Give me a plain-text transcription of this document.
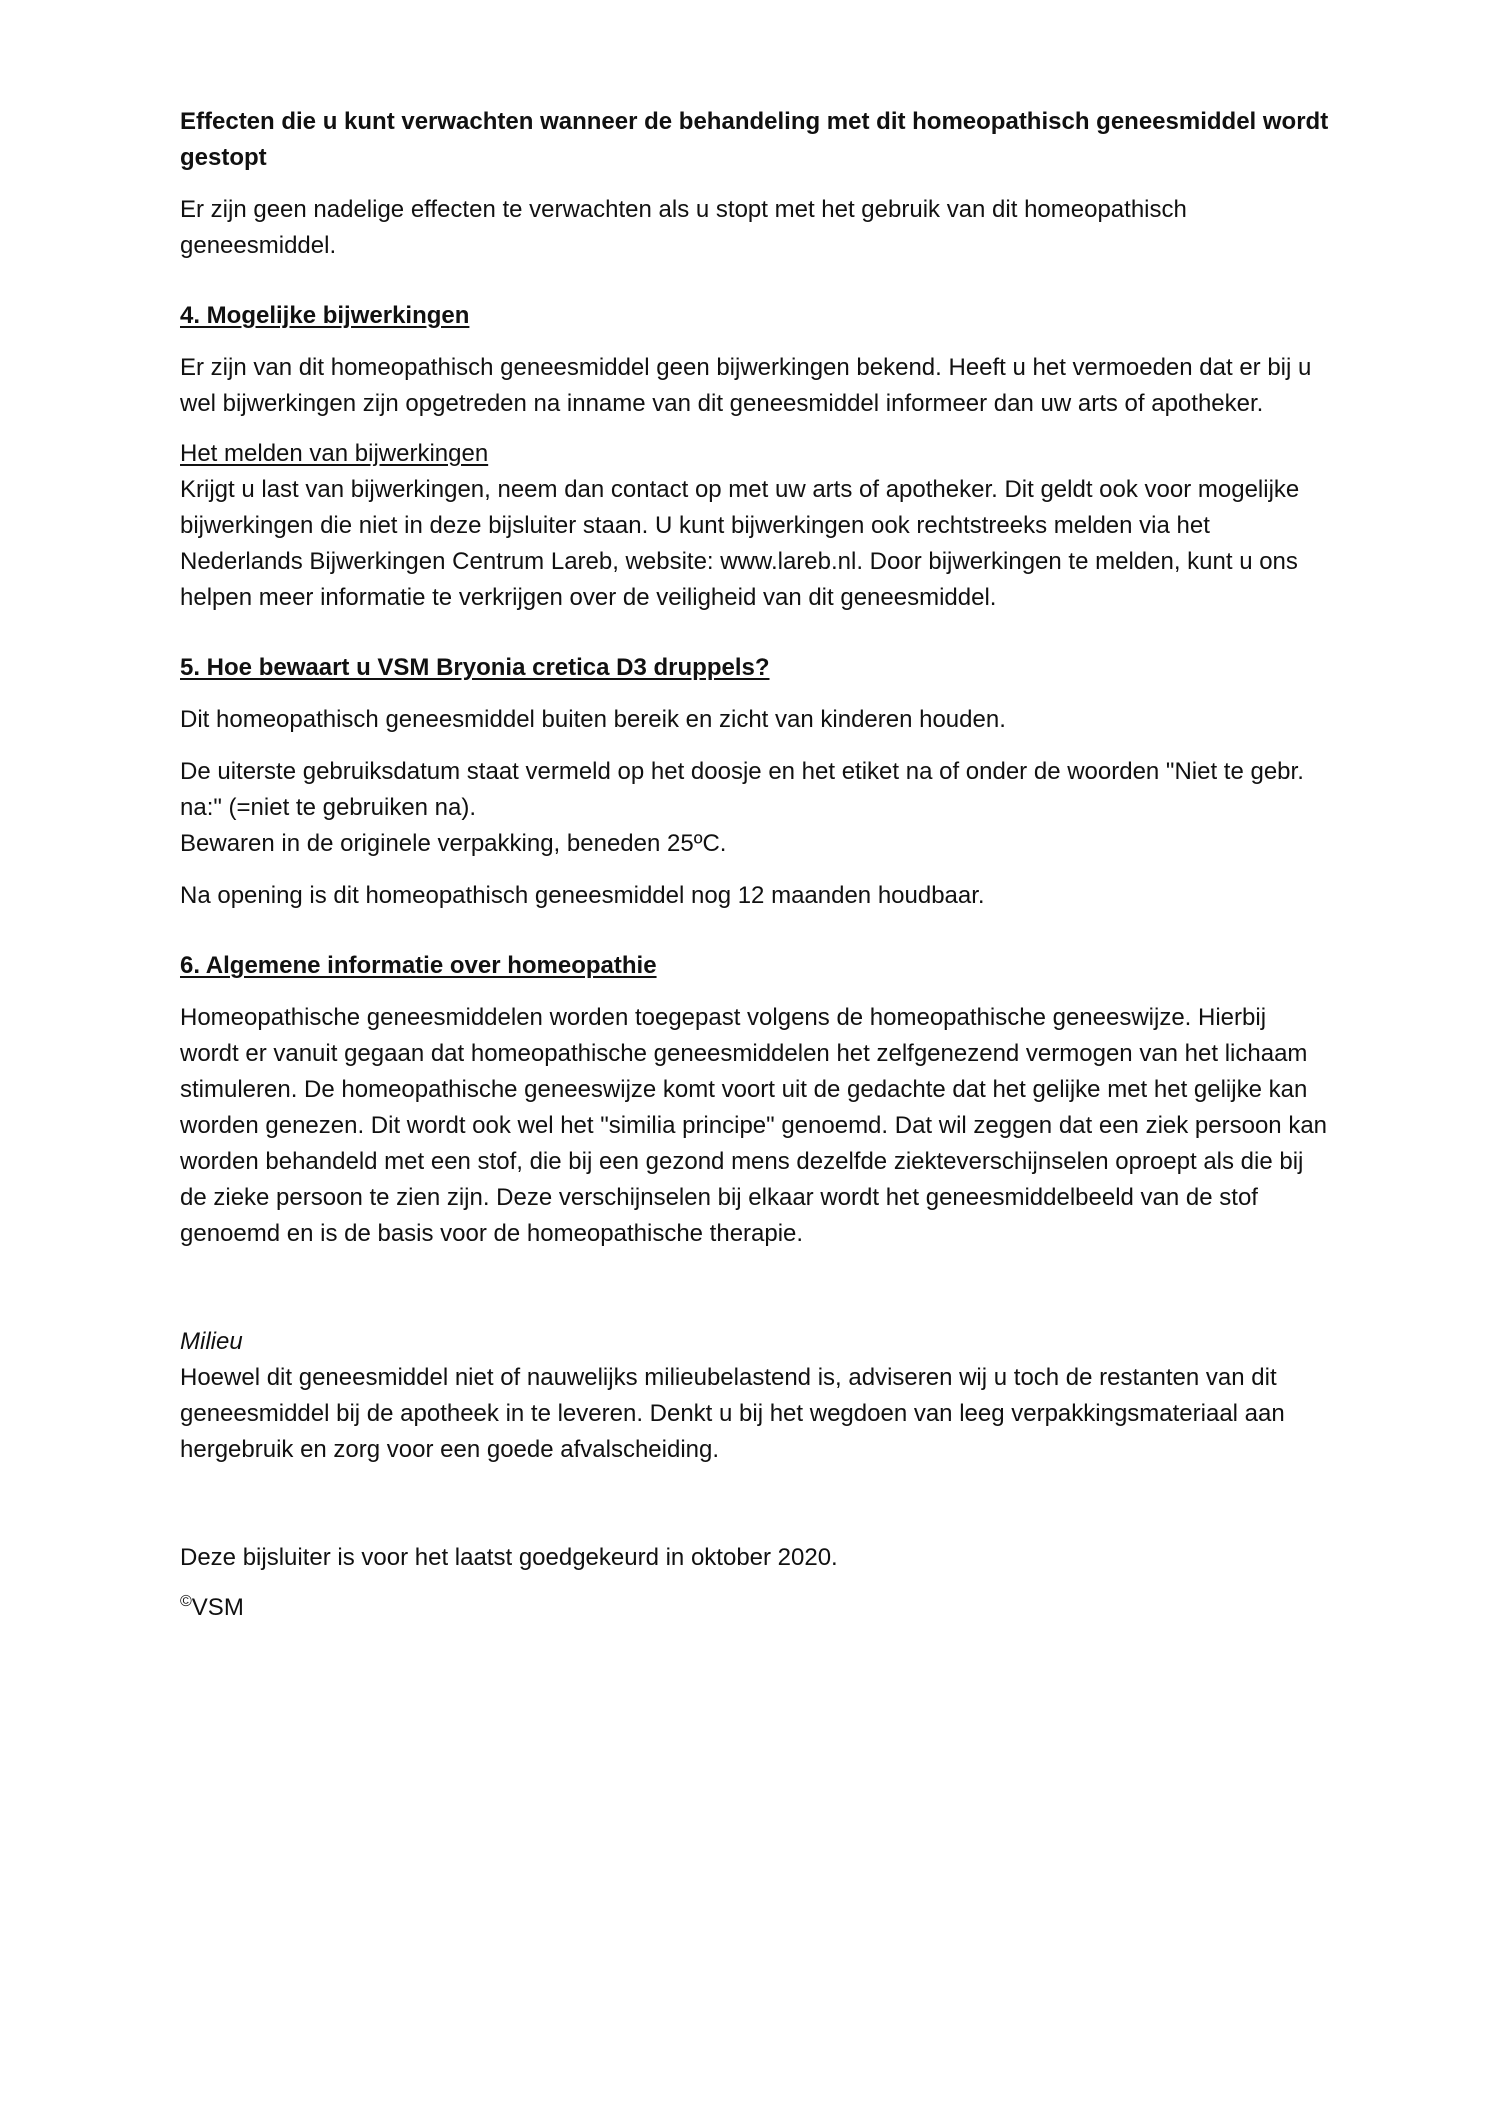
Effecten die u kunt verwachten wanneer de behandeling met dit homeopathisch geneesmiddel wordt gestopt

Er zijn geen nadelige effecten te verwachten als u stopt met het gebruik van dit homeopathisch geneesmiddel.

4. Mogelijke bijwerkingen

Er zijn van dit homeopathisch geneesmiddel geen bijwerkingen bekend. Heeft u het vermoeden dat er bij u wel bijwerkingen zijn opgetreden na inname van dit geneesmiddel informeer dan uw arts of apotheker.

Het melden van bijwerkingen

Krijgt u last van bijwerkingen, neem dan contact op met uw arts of apotheker. Dit geldt ook voor mogelijke bijwerkingen die niet in deze bijsluiter staan. U kunt bijwerkingen ook rechtstreeks melden via het Nederlands Bijwerkingen Centrum Lareb, website: www.lareb.nl. Door bijwerkingen te melden, kunt u ons helpen meer informatie te verkrijgen over de veiligheid van dit geneesmiddel.

5. Hoe bewaart u VSM Bryonia cretica D3 druppels?

Dit homeopathisch geneesmiddel buiten bereik en zicht van kinderen houden.

De uiterste gebruiksdatum staat vermeld op het doosje en het etiket na of onder de woorden "Niet te gebr. na:" (=niet te gebruiken na).

Bewaren in de originele verpakking, beneden 25ºC.

Na opening is dit homeopathisch geneesmiddel nog 12 maanden houdbaar.

6. Algemene informatie over homeopathie

Homeopathische geneesmiddelen worden toegepast volgens de homeopathische geneeswijze. Hierbij wordt er vanuit gegaan dat homeopathische geneesmiddelen het zelfgenezend vermogen van het lichaam stimuleren. De homeopathische geneeswijze komt voort uit de gedachte dat het gelijke met het gelijke kan worden genezen. Dit wordt ook wel het "similia principe" genoemd. Dat wil zeggen dat een ziek persoon kan worden behandeld met een stof, die bij een gezond mens dezelfde ziekteverschijnselen oproept als die bij de zieke persoon te zien zijn. Deze verschijnselen bij elkaar wordt het geneesmiddelbeeld van de stof genoemd en is de basis voor de homeopathische therapie.

Milieu

Hoewel dit geneesmiddel niet of nauwelijks milieubelastend is, adviseren wij u toch de restanten van dit geneesmiddel bij de apotheek in te leveren. Denkt u bij het wegdoen van leeg verpakkingsmateriaal aan hergebruik en zorg voor een goede afvalscheiding.

Deze bijsluiter is voor het laatst goedgekeurd in oktober 2020.

©VSM
